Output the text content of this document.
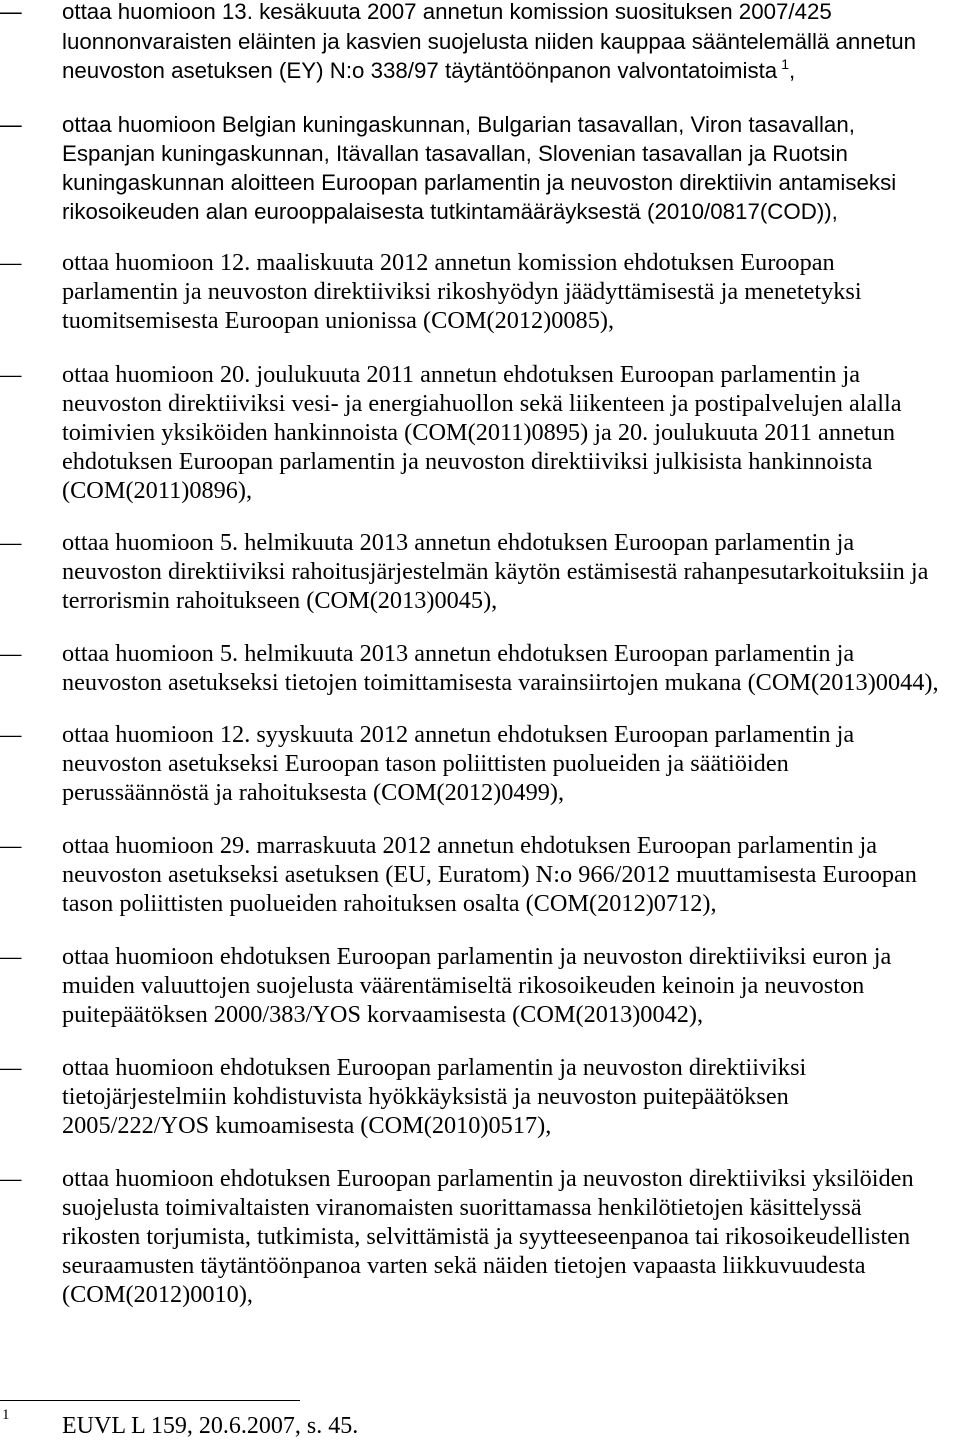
– ottaa huomioon 13. kesäkuuta 2007 annetun komission suosituksen 2007/425
luonnonvaraisten eläinten ja kasvien suojelusta niiden kauppaa sääntelemällä annetun
neuvoston asetuksen (EY) N:o 338/97 täytäntöönpanon valvontatoimista $^1$,
– ottaa huomioon Belgian kuningaskunnan, Bulgarian tasavallan, Viron tasavallan,
Espanjan kuningaskunnan, Itävallan tasavallan, Slovenian tasavallan ja Ruotsin
kuningaskunnan aloitteen Euroopan parlamentin ja neuvoston direktiivin antamiseksi
rikosoikeuden alan eurooppalaisesta tutkintamääräyksestä (2010/0817(COD)),
– ottaa huomioon 12. maaliskuuta 2012 annetun komission ehdotuksen Euroopan
parlamentin ja neuvoston direktiiviksi rikoshyödyn jäädyttämisestä ja menetetyksi
tuomitsemisesta Euroopan unionissa (COM(2012)0085),
– ottaa huomioon 20. joulukuuta 2011 annetun ehdotuksen Euroopan parlamentin ja
neuvoston direktiiviksi vesi- ja energiahuollon sekä liikenteen ja postipalvelujen alalla
toimivien yksiköiden hankinnoista (COM(2011)0895) ja 20. joulukuuta 2011 annetun
ehdotuksen Euroopan parlamentin ja neuvoston direktiiviksi julkisista hankinnoista
(COM(2011)0896),
– ottaa huomioon 5. helmikuuta 2013 annetun ehdotuksen Euroopan parlamentin ja
neuvoston direktiiviksi rahoitusjärjestelmän käytön estämisestä rahanpesutarkoituksiin ja
terrorismin rahoitukseen (COM(2013)0045),
– ottaa huomioon 5. helmikuuta 2013 annetun ehdotuksen Euroopan parlamentin ja
neuvoston asetukseksi tietojen toimittamisesta varainsiirtojen mukana (COM(2013)0044),
– ottaa huomioon 12. syyskuuta 2012 annetun ehdotuksen Euroopan parlamentin ja
neuvoston asetukseksi Euroopan tason poliittisten puolueiden ja säätiöiden
perussäännöstä ja rahoituksesta (COM(2012)0499),
– ottaa huomioon 29. marraskuuta 2012 annetun ehdotuksen Euroopan parlamentin ja
neuvoston asetukseksi asetuksen (EU, Euratom) N:o 966/2012 muuttamisesta Euroopan
tason poliittisten puolueiden rahoituksen osalta (COM(2012)0712),
– ottaa huomioon ehdotuksen Euroopan parlamentin ja neuvoston direktiiviksi euron ja
muiden valuuttojen suojelusta väärentämiseltä rikosoikeuden keinoin ja neuvoston
puitepäätöksen 2000/383/YOS korvaamisesta (COM(2013)0042),
– ottaa huomioon ehdotuksen Euroopan parlamentin ja neuvoston direktiiviksi
tietojärjestelmiin kohdistuvista hyökkäyksistä ja neuvoston puitepäätöksen
2005/222/YOS kumoamisesta (COM(2010)0517),
– ottaa huomioon ehdotuksen Euroopan parlamentin ja neuvoston direktiiviksi yksilöiden
suojelusta toimivaltaisten viranomaisten suorittamassa henkilötietojen käsittelyssä
rikosten torjumista, tutkimista, selvittämistä ja syytteeseenpanoa tai rikosoikeudellisten
seuraamusten täytäntöönpanoa varten sekä näiden tietojen vapaasta liikkuvuudesta
(COM(2012)0010),
1 EUVL L 159, 20.6.2007, s. 45.
